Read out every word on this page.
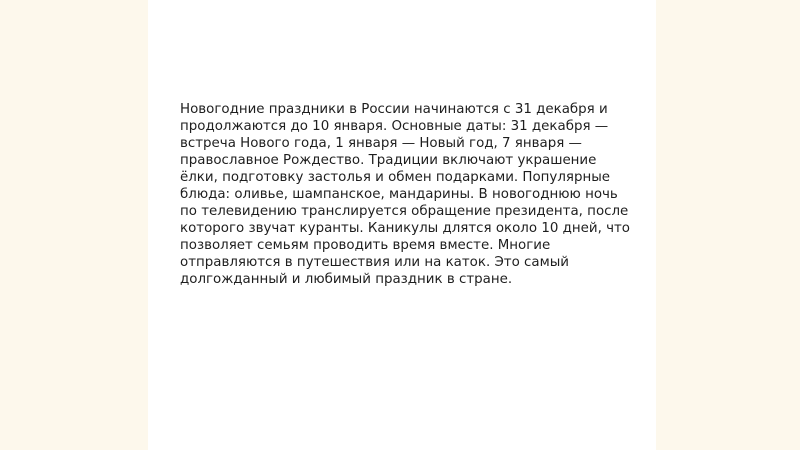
Новогодние праздники в России начинаются с 31 декабря и
продолжаются до 10 января. Основные даты: 31 декабря —
встреча Нового года, 1 января — Новый год, 7 января —
православное Рождество. Традиции включают украшение
ёлки, подготовку застолья и обмен подарками. Популярные
блюда: оливье, шампанское, мандарины. В новогоднюю ночь
по телевидению транслируется обращение президента, после
которого звучат куранты. Каникулы длятся около 10 дней, что
позволяет семьям проводить время вместе. Многие
отправляются в путешествия или на каток. Это самый
долгожданный и любимый праздник в стране.
